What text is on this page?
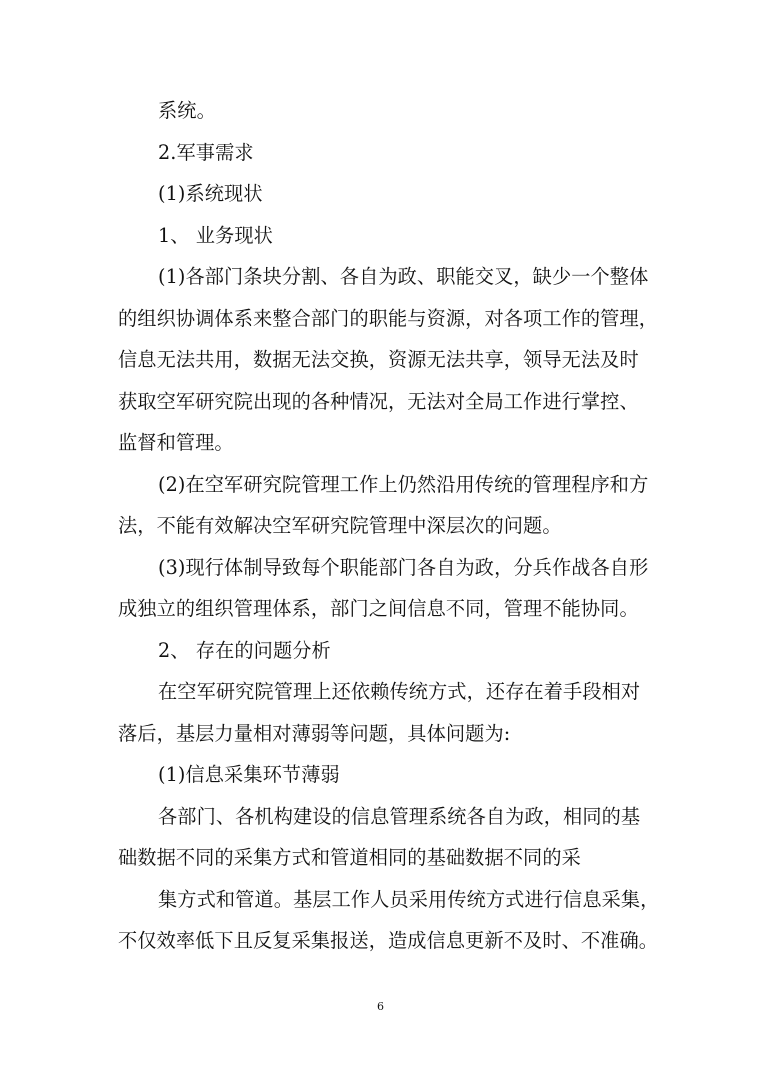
系统。
2.军事需求
(1)系统现状
1、 业务现状
(1)各部门条块分割、各自为政、职能交叉，缺少一个整体
的组织协调体系来整合部门的职能与资源，对各项工作的管理，
信息无法共用，数据无法交换，资源无法共享，领导无法及时
获取空军研究院出现的各种情况，无法对全局工作进行掌控、
监督和管理。
(2)在空军研究院管理工作上仍然沿用传统的管理程序和方
法，不能有效解决空军研究院管理中深层次的问题。
(3)现行体制导致每个职能部门各自为政，分兵作战各自形
成独立的组织管理体系，部门之间信息不同，管理不能协同。
2、 存在的问题分析
在空军研究院管理上还依赖传统方式，还存在着手段相对
落后，基层力量相对薄弱等问题，具体问题为:
(1)信息采集环节薄弱
各部门、各机构建设的信息管理系统各自为政，相同的基
础数据不同的采集方式和管道相同的基础数据不同的采
集方式和管道。基层工作人员采用传统方式进行信息采集，
不仅效率低下且反复采集报送，造成信息更新不及时、不准确。
6
